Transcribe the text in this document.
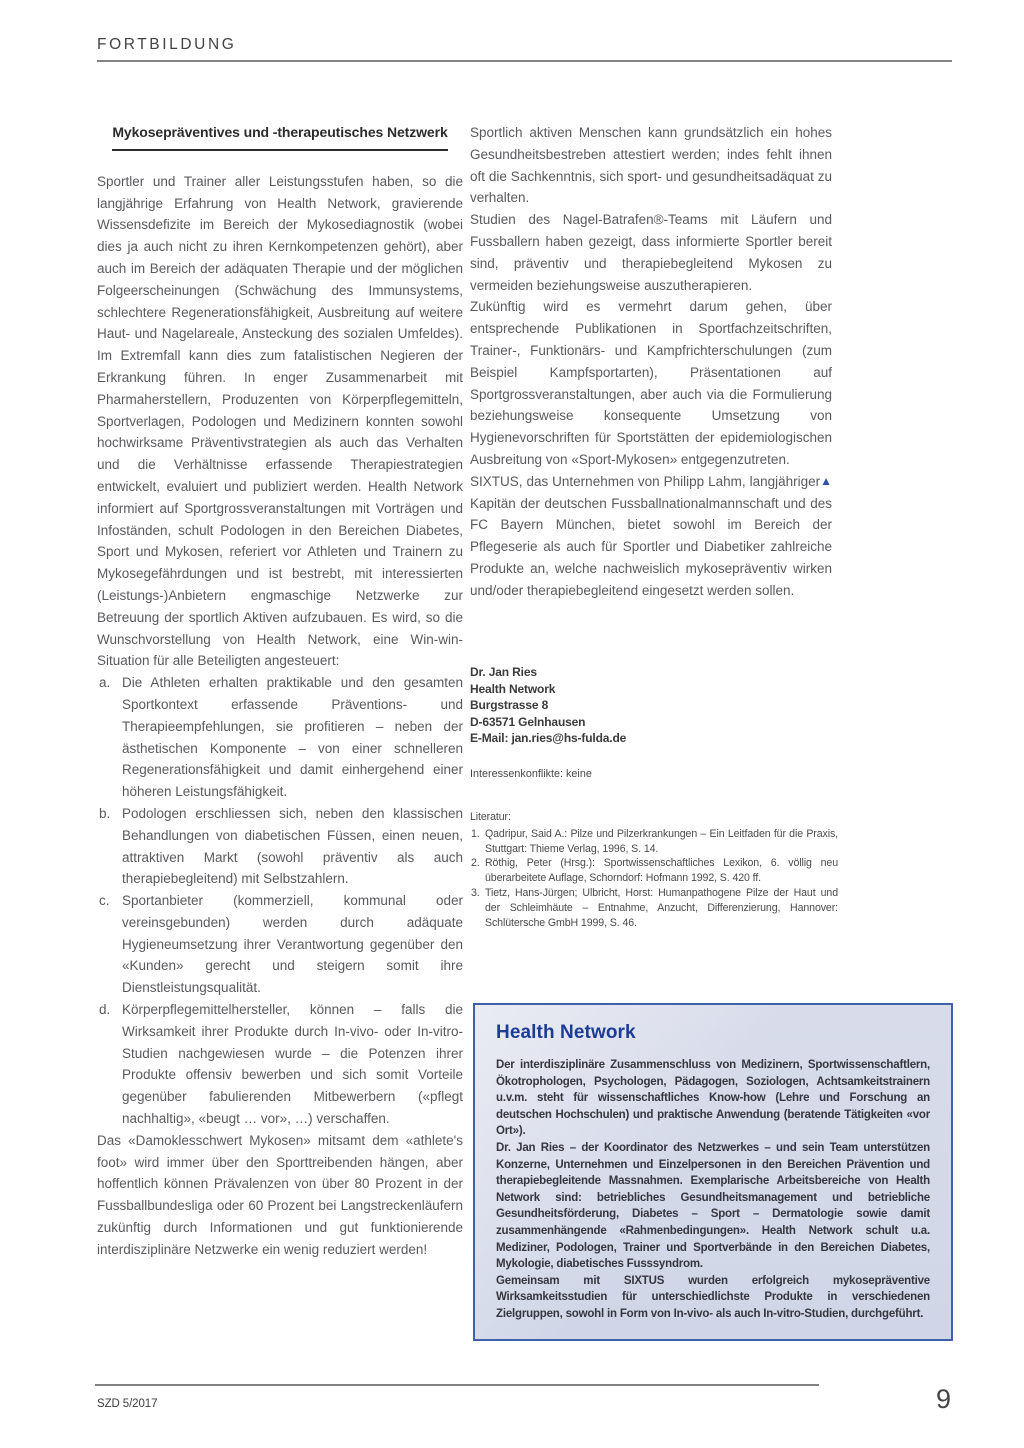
FORTBILDUNG
Mykosepräventives und -therapeutisches Netzwerk

Sportler und Trainer aller Leistungsstufen haben, so die langjährige Erfahrung von Health Network, gravierende Wissensdefizite im Bereich der Mykosediagnostik (wobei dies ja auch nicht zu ihren Kernkompetenzen gehört), aber auch im Bereich der adäquaten Therapie und der möglichen Folgeerscheinungen (Schwächung des Immunsystems, schlechtere Regenerationsfähigkeit, Ausbreitung auf weitere Haut- und Nagelareale, Ansteckung des sozialen Umfeldes). Im Extremfall kann dies zum fatalistischen Negieren der Erkrankung führen. In enger Zusammenarbeit mit Pharmaherstellern, Produzenten von Körperpflegemitteln, Sportverlagen, Podologen und Medizinern konnten sowohl hochwirksame Präventivstrategien als auch das Verhalten und die Verhältnisse erfassende Therapiestrategien entwickelt, evaluiert und publiziert werden. Health Network informiert auf Sportgrossveranstaltungen mit Vorträgen und Infoständen, schult Podologen in den Bereichen Diabetes, Sport und Mykosen, referiert vor Athleten und Trainern zu Mykosegefährdungen und ist bestrebt, mit interessierten (Leistungs-)Anbietern engmaschige Netzwerke zur Betreuung der sportlich Aktiven aufzubauen. Es wird, so die Wunschvorstellung von Health Network, eine Win-win-Situation für alle Beteiligten angesteuert:

a. Die Athleten erhalten praktikable und den gesamten Sportkontext erfassende Präventions- und Therapieempfehlungen, sie profitieren – neben der ästhetischen Komponente – von einer schnelleren Regenerationsfähigkeit und damit einhergehend einer höheren Leistungsfähigkeit.
b. Podologen erschliessen sich, neben den klassischen Behandlungen von diabetischen Füssen, einen neuen, attraktiven Markt (sowohl präventiv als auch therapiebegleitend) mit Selbstzahlern.
c. Sportanbieter (kommerziell, kommunal oder vereinsgebunden) werden durch adäquate Hygieneumsetzung ihrer Verantwortung gegenüber den «Kunden» gerecht und steigern somit ihre Dienstleistungsqualität.
d. Körperpflegemittelhersteller, können – falls die Wirksamkeit ihrer Produkte durch In-vivo- oder In-vitro-Studien nachgewiesen wurde – die Potenzen ihrer Produkte offensiv bewerben und sich somit Vorteile gegenüber fabulierenden Mitbewerbern («pflegt nachhaltig», «beugt … vor», …) verschaffen.

Das «Damoklesschwert Mykosen» mitsamt dem «athlete's foot» wird immer über den Sporttreibenden hängen, aber hoffentlich können Prävalenzen von über 80 Prozent in der Fussballbundesliga oder 60 Prozent bei Langstreckenläufern zukünftig durch Informationen und gut funktionierende interdisziplinäre Netzwerke ein wenig reduziert werden!

Sportlich aktiven Menschen kann grundsätzlich ein hohes Gesundheitsbestreben attestiert werden; indes fehlt ihnen oft die Sachkenntnis, sich sport- und gesundheitsadäquat zu verhalten.

Studien des Nagel-Batrafen®-Teams mit Läufern und Fussballern haben gezeigt, dass informierte Sportler bereit sind, präventiv und therapiebegleitend Mykosen zu vermeiden beziehungsweise auszutherapieren.

Zukünftig wird es vermehrt darum gehen, über entsprechende Publikationen in Sportfachzeitschriften, Trainer-, Funktionärs- und Kampfrichterschulungen (zum Beispiel Kampfsportarten), Präsentationen auf Sportgrossveranstaltungen, aber auch via die Formulierung beziehungsweise konsequente Umsetzung von Hygienevorschriften für Sportstätten der epidemiologischen Ausbreitung von «Sport-Mykosen» entgegenzutreten.

▲
SIXTUS, das Unternehmen von Philipp Lahm, langjähriger Kapitän der deutschen Fussballnationalmannschaft und des FC Bayern München, bietet sowohl im Bereich der Pflegeserie als auch für Sportler und Diabetiker zahlreiche Produkte an, welche nachweislich mykosepräventiv wirken und/oder therapiebegleitend eingesetzt werden sollen.

Dr. Jan Ries
Health Network
Burgstrasse 8
D-63571 Gelnhausen
E-Mail: jan.ries@hs-fulda.de
Interessenkonflikte: keine
Literatur:
1. Qadripur, Said A.: Pilze und Pilzerkrankungen – Ein Leitfaden für die Praxis, Stuttgart: Thieme Verlag, 1996, S. 14.
2. Röthig, Peter (Hrsg.): Sportwissenschaftliches Lexikon, 6. völlig neu überarbeitete Auflage, Schorndorf: Hofmann 1992, S. 420 ff.
3. Tietz, Hans-Jürgen; Ulbricht, Horst: Humanpathogene Pilze der Haut und der Schleimhäute – Entnahme, Anzucht, Differenzierung, Hannover: Schlütersche GmbH 1999, S. 46.
Health Network

Der interdisziplinäre Zusammenschluss von Medizinern, Sportwissenschaftlern, Ökotrophologen, Psychologen, Pädagogen, Soziologen, Achtsamkeitstrainern u.v.m. steht für wissenschaftliches Know-how (Lehre und Forschung an deutschen Hochschulen) und praktische Anwendung (beratende Tätigkeiten «vor Ort»).

Dr. Jan Ries – der Koordinator des Netzwerkes – und sein Team unterstützen Konzerne, Unternehmen und Einzelpersonen in den Bereichen Prävention und therapiebegleitende Massnahmen. Exemplarische Arbeitsbereiche von Health Network sind: betriebliches Gesundheitsmanagement und betriebliche Gesundheitsförderung, Diabetes – Sport – Dermatologie sowie damit zusammenhängende «Rahmenbedingungen». Health Network schult u.a. Mediziner, Podologen, Trainer und Sportverbände in den Bereichen Diabetes, Mykologie, diabetisches Fusssyndrom.

Gemeinsam mit SIXTUS wurden erfolgreich mykosepräventive Wirksamkeitsstudien für unterschiedlichste Produkte in verschiedenen Zielgruppen, sowohl in Form von In-vivo- als auch In-vitro-Studien, durchgeführt.

SZD 5/2017	9
